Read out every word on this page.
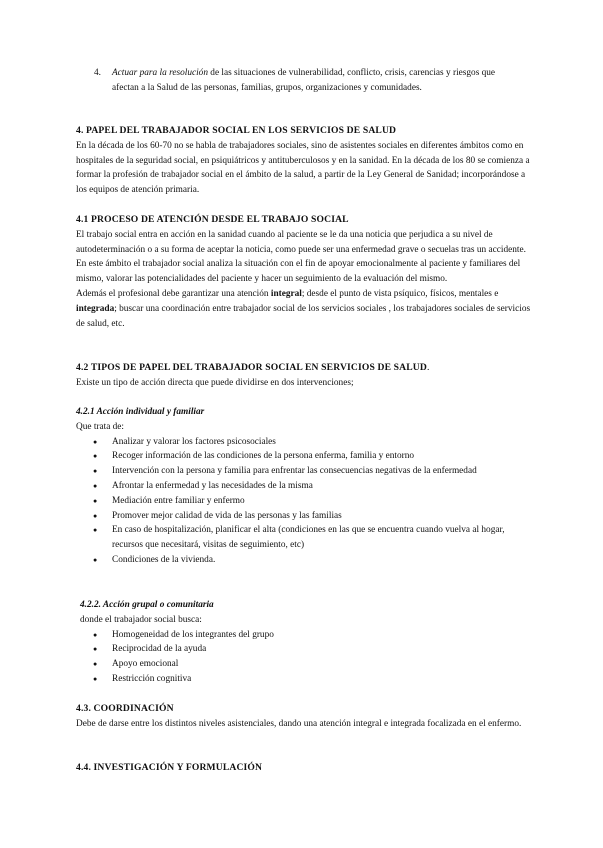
4.	Actuar para la resolución de las situaciones de vulnerabilidad, conflicto, crisis, carencias y riesgos que afectan a la Salud de las personas, familias, grupos, organizaciones y comunidades.

4. PAPEL DEL TRABAJADOR SOCIAL EN LOS SERVICIOS DE SALUD

En la década de los 60-70 no se habla de trabajadores sociales, sino de asistentes sociales en diferentes ámbitos como en hospitales de la seguridad social, en psiquiátricos y antituberculosos y en la sanidad. En la década de los 80 se comienza a formar la profesión de trabajador social en el ámbito de la salud, a partir de la Ley General de Sanidad; incorporándose a los equipos de atención primaria.

4.1 PROCESO DE ATENCIÓN DESDE EL TRABAJO SOCIAL

El trabajo social entra en acción en la sanidad cuando al paciente se le da una noticia que perjudica a su nivel de autodeterminación o a su forma de aceptar la noticia, como puede ser una enfermedad grave o secuelas tras un accidente. En este ámbito el trabajador social analiza la situación con el fin de apoyar emocionalmente al paciente y familiares del mismo, valorar las potencialidades del paciente y hacer un seguimiento de la evaluación del mismo.

Además el profesional debe garantizar una atención integral; desde el punto de vista psíquico, físicos, mentales e integrada; buscar una coordinación entre trabajador social de los servicios sociales , los trabajadores sociales de servicios de salud, etc.

4.2 TIPOS DE PAPEL DEL TRABAJADOR SOCIAL EN SERVICIOS DE SALUD.

Existe un tipo de acción directa que puede dividirse en dos intervenciones;

4.2.1 Acción individual y familiar

Que trata de:

● Analizar y valorar los factores psicosociales
● Recoger información de las condiciones de la persona enferma, familia y entorno
● Intervención con la persona y familia para enfrentar las consecuencias negativas de la enfermedad
● Afrontar la enfermedad y las necesidades de la misma
● Mediación entre familiar y enfermo
● Promover mejor calidad de vida de las personas y las familias
● En caso de hospitalización, planificar el alta (condiciones en las que se encuentra cuando vuelva al hogar, recursos que necesitará, visitas de seguimiento, etc)
● Condiciones de la vivienda.

4.2.2. Acción grupal o comunitaria

donde el trabajador social busca:

● Homogeneidad de los integrantes del grupo
● Reciprocidad de la ayuda
● Apoyo emocional
● Restricción cognitiva
4.3. COORDINACIÓN

Debe de darse entre los distintos niveles asistenciales, dando una atención integral e integrada focalizada en el enfermo.

4.4. INVESTIGACIÓN Y FORMULACIÓN
